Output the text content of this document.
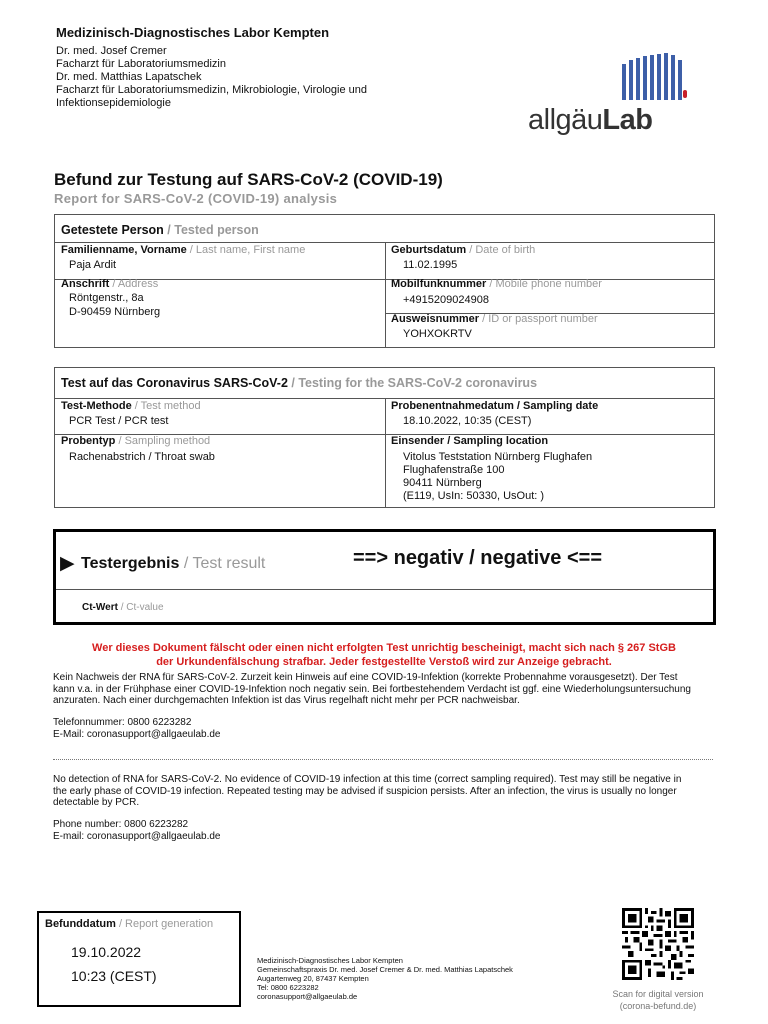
Medizinisch-Diagnostisches Labor Kempten
Dr. med. Josef Cremer
Facharzt für Laboratoriumsmedizin
Dr. med. Matthias Lapatschek
Facharzt für Laboratoriumsmedizin, Mikrobiologie, Virologie und
Infektionsepidemiologie
allgäuLab
Befund zur Testung auf SARS-CoV-2 (COVID-19)
Report for SARS-CoV-2 (COVID-19) analysis
Getestete Person / Tested person
Familienname, Vorname / Last name, First name
Paja Ardit
Geburtsdatum / Date of birth
11.02.1995
Anschrift / Address
Röntgenstr., 8a
D-90459 Nürnberg
Mobilfunknummer / Mobile phone number
+4915209024908
Ausweisnummer / ID or passport number
YOHXOKRTV
Test auf das Coronavirus SARS-CoV-2 / Testing for the SARS-CoV-2 coronavirus
Test-Methode / Test method
PCR Test / PCR test
Probenentnahmedatum / Sampling date
18.10.2022, 10:35 (CEST)
Probentyp / Sampling method
Rachenabstrich / Throat swab
Einsender / Sampling location
Vitolus Teststation Nürnberg Flughafen
Flughafenstraße 100
90411 Nürnberg
(E119, UsIn: 50330, UsOut: )
▶ Testergebnis / Test result	==> negativ / negative <==
Ct-Wert / Ct-value
Wer dieses Dokument fälscht oder einen nicht erfolgten Test unrichtig bescheinigt, macht sich nach § 267 StGB
der Urkundenfälschung strafbar. Jeder festgestellte Verstoß wird zur Anzeige gebracht.
Kein Nachweis der RNA für SARS-CoV-2. Zurzeit kein Hinweis auf eine COVID-19-Infektion (korrekte Probennahme vorausgesetzt). Der Test
kann v.a. in der Frühphase einer COVID-19-Infektion noch negativ sein. Bei fortbestehendem Verdacht ist ggf. eine Wiederholungsuntersuchung
anzuraten. Nach einer durchgemachten Infektion ist das Virus regelhaft nicht mehr per PCR nachweisbar.
Telefonnummer: 0800 6223282
E-Mail: coronasupport@allgaeulab.de
No detection of RNA for SARS-CoV-2. No evidence of COVID-19 infection at this time (correct sampling required). Test may still be negative in
the early phase of COVID-19 infection. Repeated testing may be advised if suspicion persists. After an infection, the virus is usually no longer
detectable by PCR.
Phone number: 0800 6223282
E-mail: coronasupport@allgaeulab.de
Befunddatum / Report generation
19.10.2022
10:23 (CEST)
Medizinisch-Diagnostisches Labor Kempten
Gemeinschaftspraxis Dr. med. Josef Cremer & Dr. med. Matthias Lapatschek
Augartenweg 20, 87437 Kempten
Tel: 0800 6223282
coronasupport@allgaeulab.de	Scan for digital version
(corona-befund.de)
